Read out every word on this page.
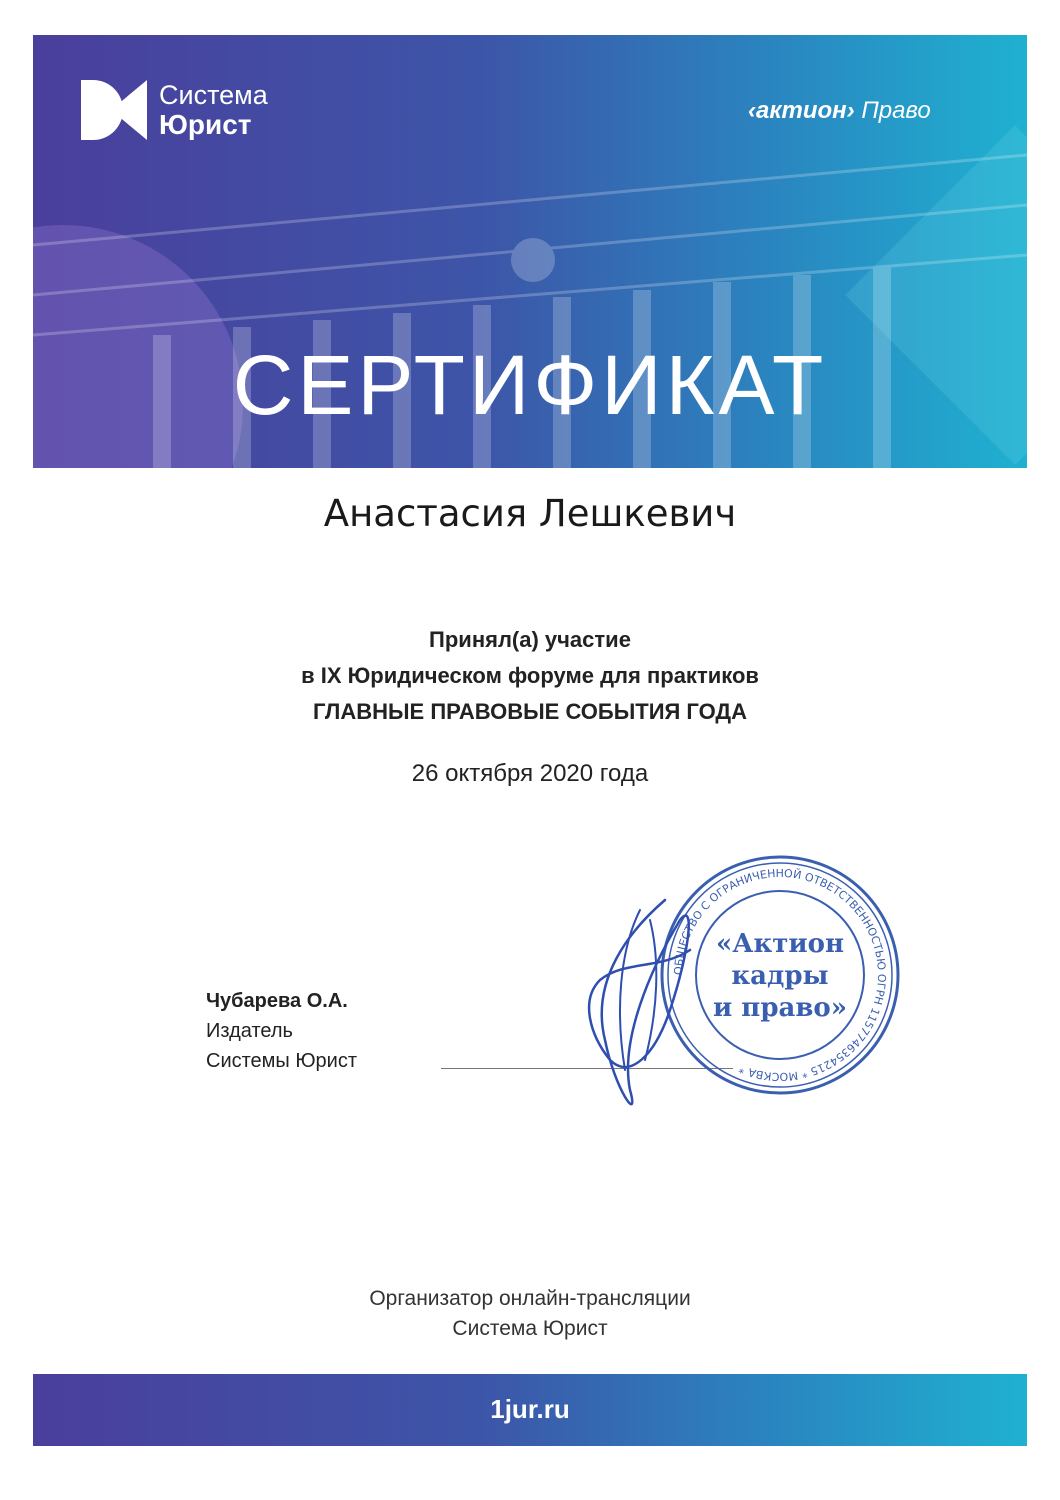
Система
Юрист	‹актион› Право
СЕРТИФИКАТ
Анастасия Лешкевич
Принял(а) участие
в IX Юридическом форуме для практиков
ГЛАВНЫЕ ПРАВОВЫЕ СОБЫТИЯ ГОДА
26 октября 2020 года
Чубарева О.А.
Издатель
Системы Юрист
ОБЩЕСТВО С ОГРАНИЧЕННОЙ ОТВЕТСТВЕННОСТЬЮ ОГРН 1157746354215 * МОСКВА *
«Актион
кадры
и право»
Организатор онлайн-трансляции
Система Юрист
1jur.ru
